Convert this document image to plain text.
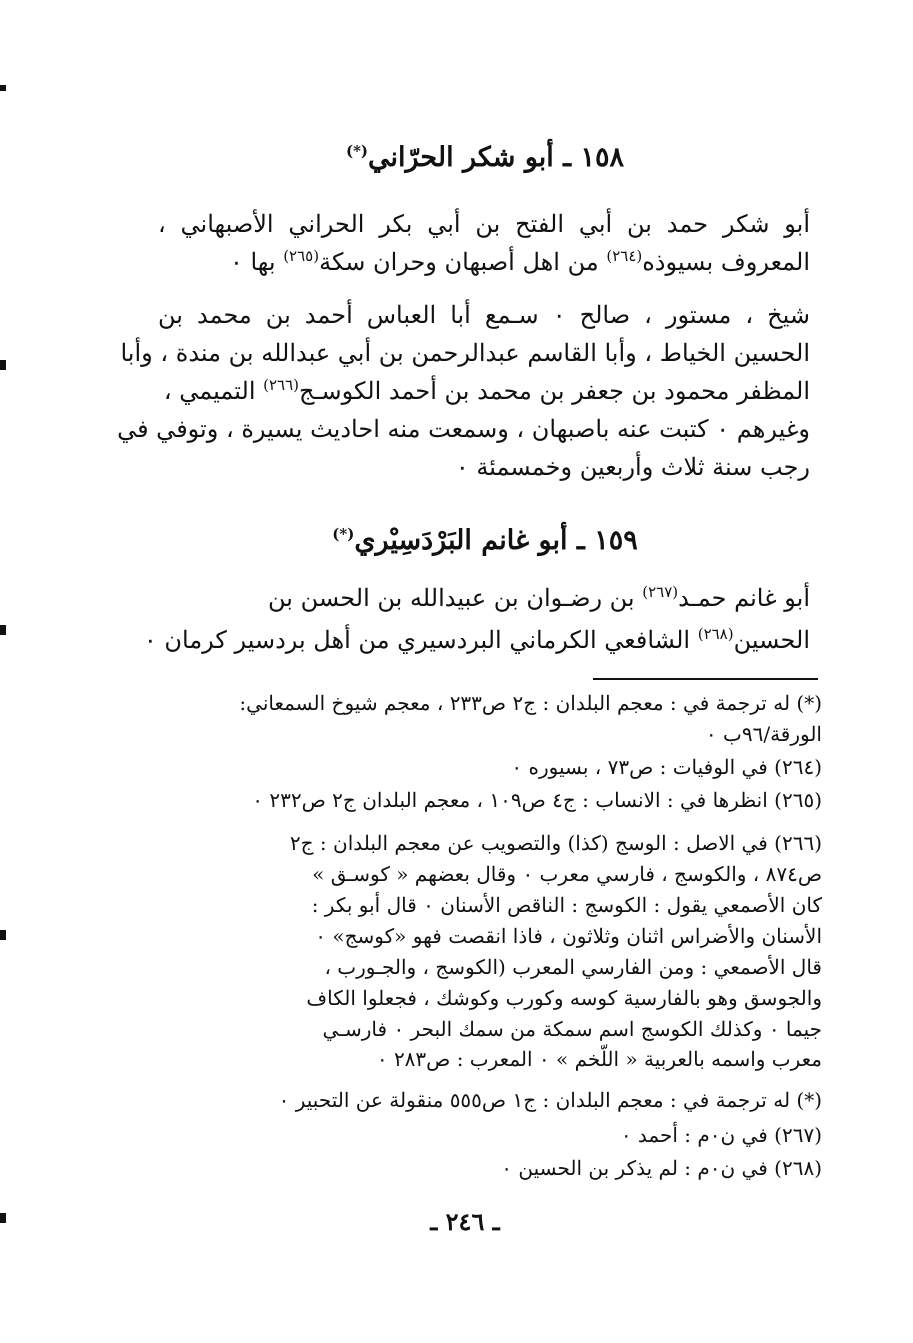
١٥٨ ـ أبو شكر الحرّاني(*)
أبو شكر حمد بن أبي الفتح بن أبي بكر الحراني الأصبهاني ،
المعروف بسيوذه$^{(٢٦٤)}$ من اهل أصبهان وحران سكة$^{(٢٦٥)}$ بها ٠
شيخ ، مستور ، صالح ٠ سـمع أبا العباس أحمد بن محمد بن
الحسين الخياط ، وأبا القاسم عبدالرحمن بن أبي عبدالله بن مندة ، وأبا
المظفر محمود بن جعفر بن محمد بن أحمد الكوسـج$^{(٢٦٦)}$ التميمي ،
وغيرهم ٠ كتبت عنه باصبهان ، وسمعت منه احاديث يسيرة ، وتوفي في
رجب سنة ثلاث وأربعين وخمسمئة ٠
١٥٩ ـ أبو غانم البَرْدَسِيْري(*)
أبو غانم حمـد$^{(٢٦٧)}$ بن رضـوان بن عبيدالله بن الحسن بن
الحسين$^{(٢٦٨)}$ الشافعي الكرماني البردسيري من أهل بردسير كرمان ٠
(*) له ترجمة في : معجم البلدان : ج٢ ص٢٣٣ ، معجم شيوخ السمعاني:
الورقة/٩٦ب ٠
(٢٦٤) في الوفيات : ص٧٣ ، بسيوره ٠
(٢٦٥) انظرها في : الانساب : ج٤ ص١٠٩ ، معجم البلدان ج٢ ص٢٣٢ ٠
(٢٦٦) في الاصل : الوسج (كذا) والتصويب عن معجم البلدان : ج٢
ص٨٧٤ ، والكوسج ، فارسي معرب ٠ وقال بعضهم « كوسـق »
كان الأصمعي يقول : الكوسج : الناقص الأسنان ٠ قال أبو بكر :
الأسنان والأضراس اثنان وثلاثون ، فاذا انقصت فهو «كوسج» ٠
قال الأصمعي : ومن الفارسي المعرب (الكوسج ، والجـورب ،
والجوسق وهو بالفارسية كوسه وكورب وكوشك ، فجعلوا الكاف
جيما ٠ وكذلك الكوسج اسم سمكة من سمك البحر ٠ فارسـي
معرب واسمه بالعربية « اللّخم » ٠ المعرب : ص٢٨٣ ٠
(*) له ترجمة في : معجم البلدان : ج١ ص٥٥٥ منقولة عن التحبير ٠
(٢٦٧) في ن٠م : أحمد ٠
(٢٦٨) في ن٠م : لم يذكر بن الحسين ٠
ـ ٢٤٦ ـ
